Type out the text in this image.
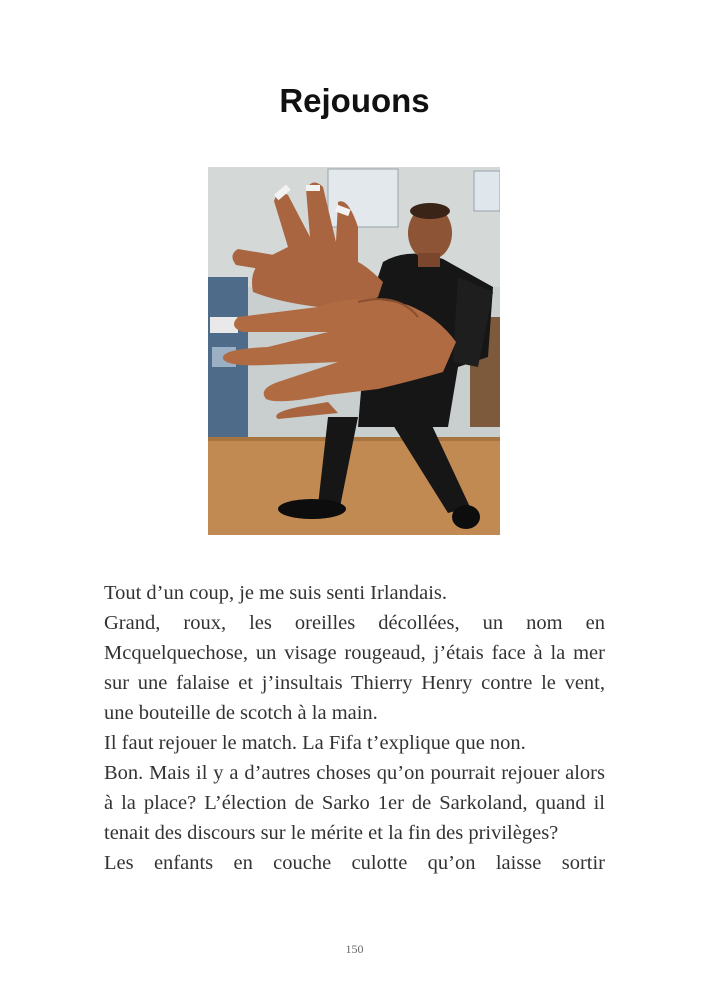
Rejouons

Tout d’un coup, je me suis senti Irlandais.

Grand, roux, les oreilles décollées, un nom en Mcquelquechose, un visage rougeaud, j’étais face à la mer sur une falaise et j’insultais Thierry Henry contre le vent, une bouteille de scotch à la main.

Il faut rejouer le match. La Fifa t’explique que non.

Bon. Mais il y a d’autres choses qu’on pourrait rejouer alors à la place? L’élection de Sarko 1er de Sarkoland, quand il tenait des discours sur le mérite et la fin des privilèges?

Les enfants en couche culotte qu’on laisse sortir

150
